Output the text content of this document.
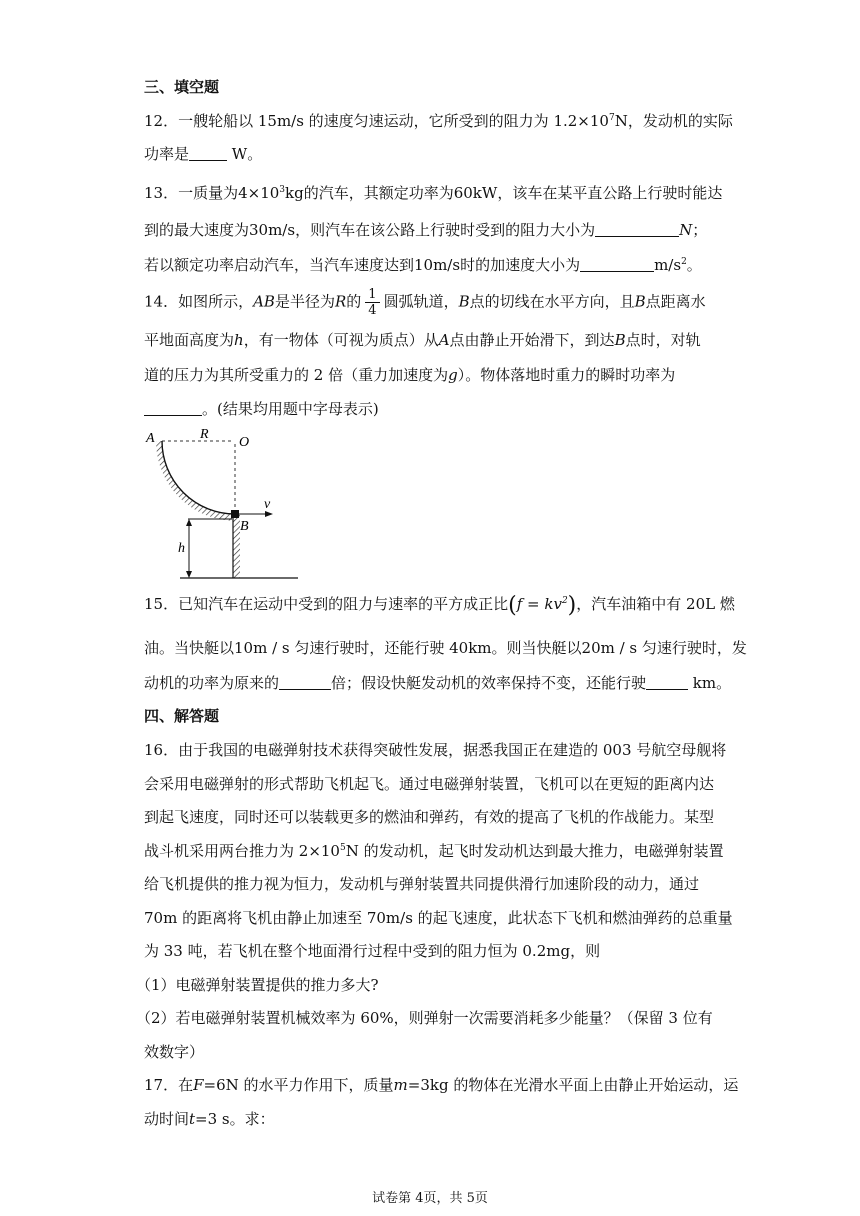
三、填空题
12．一艘轮船以 15m/s 的速度匀速运动，它所受到的阻力为 $1.2\times 10^7N$，发动机的实际
功率是	W。
13．一质量为$4\times 10^3kg$的汽车，其额定功率为60kW，该车在某平直公路上行驶时能达
到的最大速度为30m/s，则汽车在该公路上行驶时受到的阻力大小为	N；
若以额定功率启动汽车，当汽车速度达到10m/s时的加速度大小为	$m/s^2$。
14．如图所示，AB是半径为R的 $\frac{1}{4}$ 圆弧轨道，B点的切线在水平方向，且B点距离水
平地面高度为h，有一物体（可视为质点）从A点由静止开始滑下，到达B点时，对轨
道的压力为其所受重力的 2 倍（重力加速度为g）。物体落地时重力的瞬时功率为
。(结果均用题中字母表示)
A	R
O
v
B
h
15．已知汽车在运动中受到的阻力与速率的平方成正比$(f = kv^2)$，汽车油箱中有 20L 燃
油。当快艇以10m / s 匀速行驶时，还能行驶 40km。则当快艇以20m / s 匀速行驶时，发
动机的功率为原来的	倍；假设快艇发动机的效率保持不变，还能行驶	km。
四、解答题
16．由于我国的电磁弹射技术获得突破性发展，据悉我国正在建造的 003 号航空母舰将
会采用电磁弹射的形式帮助飞机起飞。通过电磁弹射装置，飞机可以在更短的距离内达
到起飞速度，同时还可以装载更多的燃油和弹药，有效的提高了飞机的作战能力。某型
战斗机采用两台推力为 $2\times 10^5N$ 的发动机，起飞时发动机达到最大推力，电磁弹射装置
给飞机提供的推力视为恒力，发动机与弹射装置共同提供滑行加速阶段的动力，通过
70m 的距离将飞机由静止加速至 70m/s 的起飞速度，此状态下飞机和燃油弹药的总重量
为 33 吨，若飞机在整个地面滑行过程中受到的阻力恒为 0.2mg，则
（1）电磁弹射装置提供的推力多大?
（2）若电磁弹射装置机械效率为 60%，则弹射一次需要消耗多少能量？（保留 3 位有
效数字）
17．在F=6N 的水平力作用下，质量m=3kg 的物体在光滑水平面上由静止开始运动，运
动时间t=3 s。求：
试卷第 4页，共 5页
